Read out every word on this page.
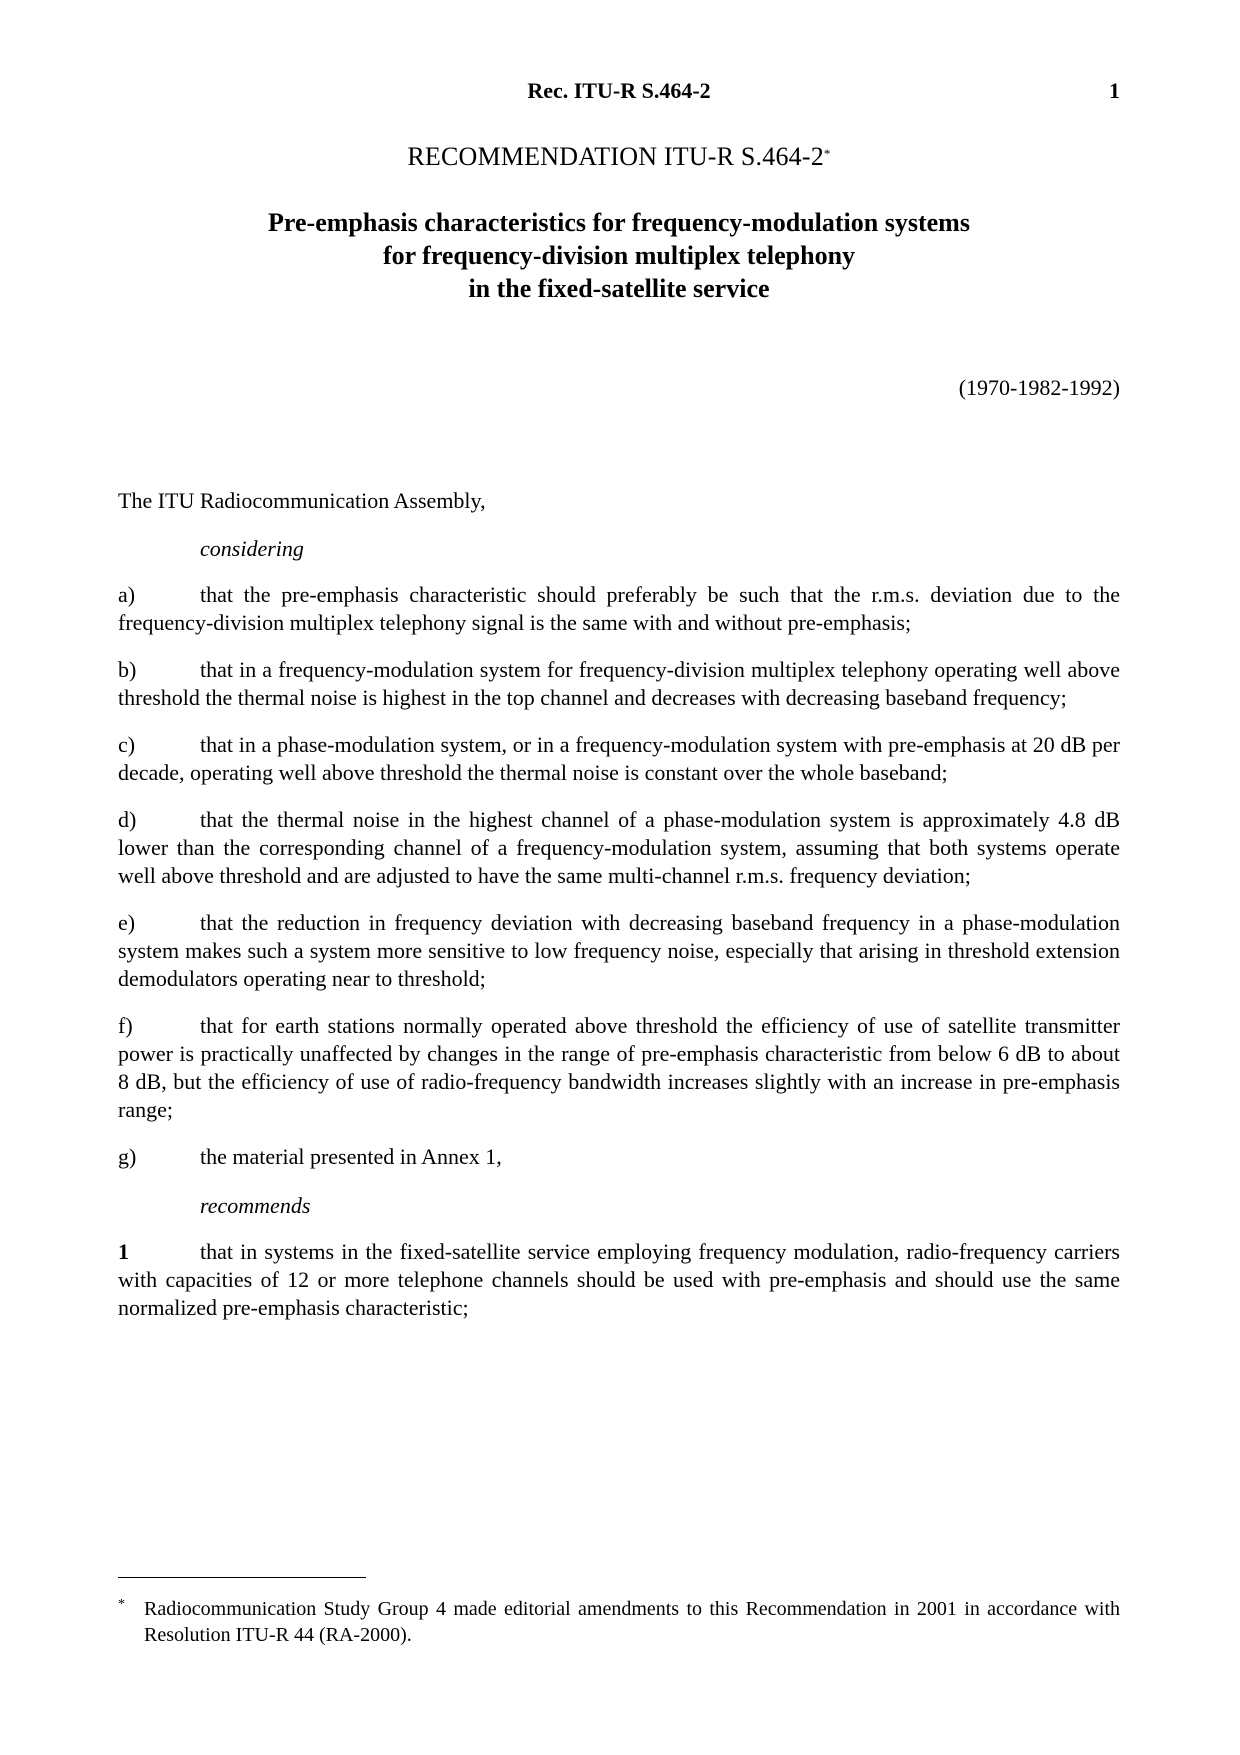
Rec. ITU-R S.464-2	1
RECOMMENDATION ITU-R S.464-2*
Pre-emphasis characteristics for frequency-modulation systems
for frequency-division multiplex telephony
in the fixed-satellite service
(1970-1982-1992)
The ITU Radiocommunication Assembly,
considering
a)	that the pre-emphasis characteristic should preferably be such that the r.m.s. deviation due to the frequency-division multiplex telephony signal is the same with and without pre-emphasis;
b)	that in a frequency-modulation system for frequency-division multiplex telephony operating well above threshold the thermal noise is highest in the top channel and decreases with decreasing baseband frequency;
c)	that in a phase-modulation system, or in a frequency-modulation system with pre-emphasis at 20 dB per decade, operating well above threshold the thermal noise is constant over the whole baseband;
d)	that the thermal noise in the highest channel of a phase-modulation system is approximately 4.8 dB lower than the corresponding channel of a frequency-modulation system, assuming that both systems operate well above threshold and are adjusted to have the same multi-channel r.m.s. frequency deviation;
e)	that the reduction in frequency deviation with decreasing baseband frequency in a phase-modulation system makes such a system more sensitive to low frequency noise, especially that arising in threshold extension demodulators operating near to threshold;
f)	that for earth stations normally operated above threshold the efficiency of use of satellite transmitter power is practically unaffected by changes in the range of pre-emphasis characteristic from below 6 dB to about 8 dB, but the efficiency of use of radio-frequency bandwidth increases slightly with an increase in pre-emphasis range;
g)	the material presented in Annex 1,
recommends
1	that in systems in the fixed-satellite service employing frequency modulation, radio-frequency carriers with capacities of 12 or more telephone channels should be used with pre-emphasis and should use the same normalized pre-emphasis characteristic;
* Radiocommunication Study Group 4 made editorial amendments to this Recommendation in 2001 in accordance with Resolution ITU-R 44 (RA-2000).
